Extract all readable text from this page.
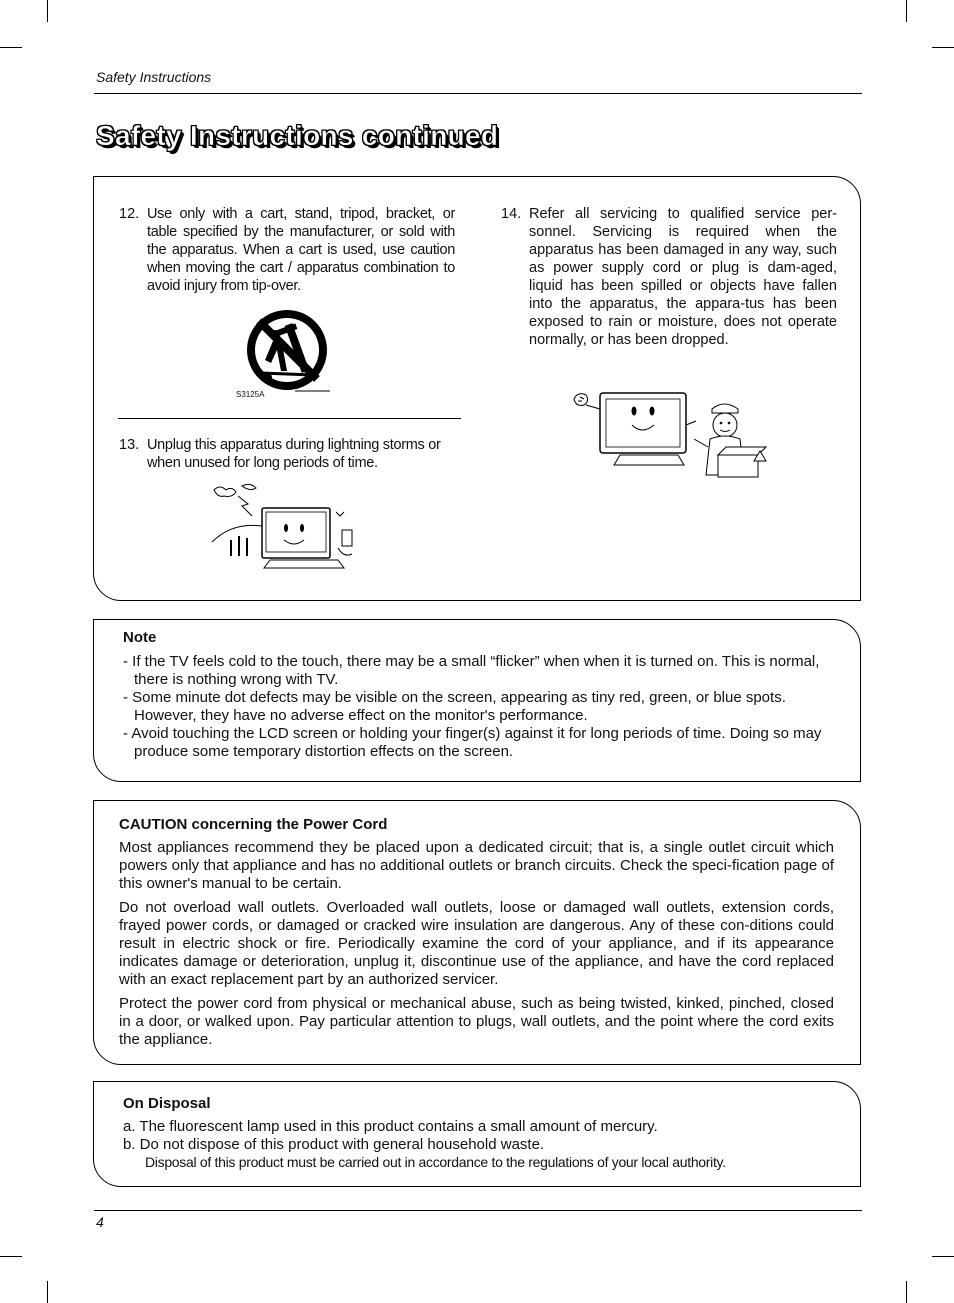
Safety Instructions
Safety Instructions continued
12. Use only with a cart, stand, tripod, bracket, or table specified by the manufacturer, or sold with the apparatus. When a cart is used, use caution when moving the cart / apparatus combination to avoid injury from tip-over.
S3125A
13. Unplug this apparatus during lightning storms or when unused for long periods of time.
14. Refer all servicing to qualified service per-sonnel. Servicing is required when the apparatus has been damaged in any way, such as power supply cord or plug is dam-aged, liquid has been spilled or objects have fallen into the apparatus, the appara-tus has been exposed to rain or moisture, does not operate normally, or has been dropped.
Note
- If the TV feels cold to the touch, there may be a small “flicker” when when it is turned on. This is normal, there is nothing wrong with TV.
- Some minute dot defects may be visible on the screen, appearing as tiny red, green, or blue spots. However, they have no adverse effect on the monitor's performance.
- Avoid touching the LCD screen or holding your finger(s) against it for long periods of time. Doing so may produce some temporary distortion effects on the screen.
CAUTION concerning the Power Cord

Most appliances recommend they be placed upon a dedicated circuit; that is, a single outlet circuit which powers only that appliance and has no additional outlets or branch circuits. Check the speci-fication page of this owner's manual to be certain.

Do not overload wall outlets. Overloaded wall outlets, loose or damaged wall outlets, extension cords, frayed power cords, or damaged or cracked wire insulation are dangerous. Any of these con-ditions could result in electric shock or fire. Periodically examine the cord of your appliance, and if its appearance indicates damage or deterioration, unplug it, discontinue use of the appliance, and have the cord replaced with an exact replacement part by an authorized servicer.

Protect the power cord from physical or mechanical abuse, such as being twisted, kinked, pinched, closed in a door, or walked upon. Pay particular attention to plugs, wall outlets, and the point where the cord exits the appliance.

On Disposal
a. The fluorescent lamp used in this product contains a small amount of mercury.
b. Do not dispose of this product with general household waste.
Disposal of this product must be carried out in accordance to the regulations of your local authority.
4
